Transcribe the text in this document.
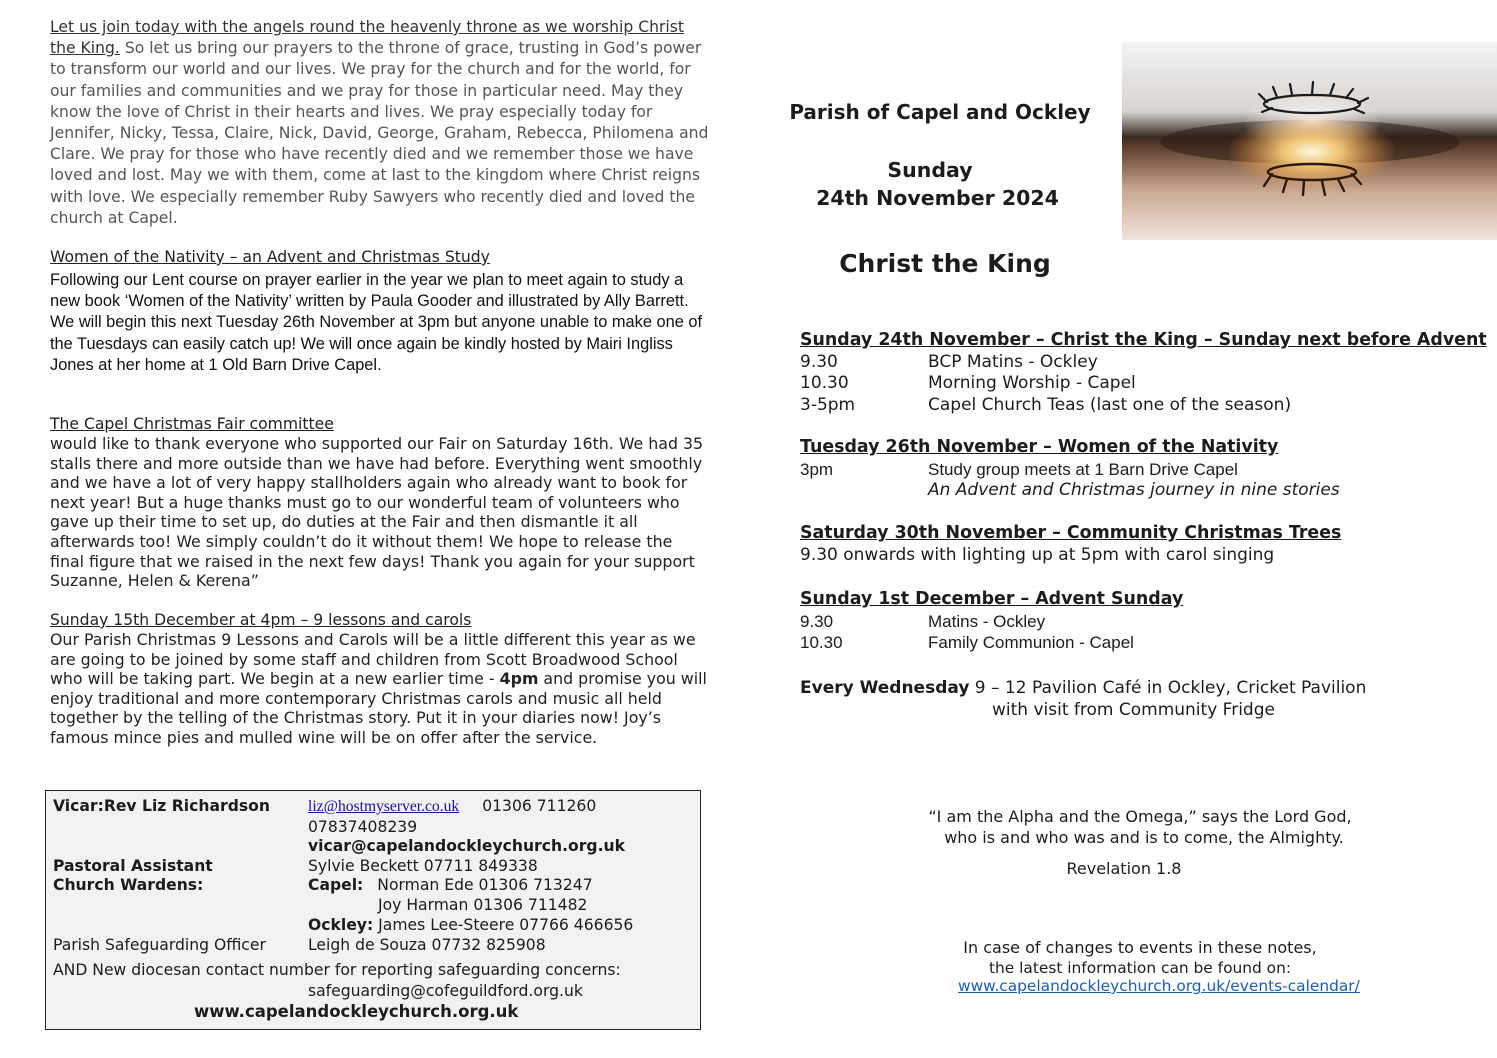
Let us join today with the angels round the heavenly throne as we worship Christ the King. So let us bring our prayers to the throne of grace, trusting in God’s power to transform our world and our lives. We pray for the church and for the world, for our families and communities and we pray for those in particular need. May they know the love of Christ in their hearts and lives. We pray especially today for Jennifer, Nicky, Tessa, Claire, Nick, David, George, Graham, Rebecca, Philomena and Clare. We pray for those who have recently died and we remember those we have loved and lost. May we with them, come at last to the kingdom where Christ reigns with love. We especially remember Ruby Sawyers who recently died and loved the church at Capel.

Women of the Nativity – an Advent and Christmas Study

Following our Lent course on prayer earlier in the year we plan to meet again to study a new book ‘Women of the Nativity’ written by Paula Gooder and illustrated by Ally Barrett. We will begin this next Tuesday 26th November at 3pm but anyone unable to make one of the Tuesdays can easily catch up! We will once again be kindly hosted by Mairi Ingliss Jones at her home at 1 Old Barn Drive Capel.

The Capel Christmas Fair committee

would like to thank everyone who supported our Fair on Saturday 16th. We had 35 stalls there and more outside than we have had before. Everything went smoothly and we have a lot of very happy stallholders again who already want to book for next year! But a huge thanks must go to our wonderful team of volunteers who gave up their time to set up, do duties at the Fair and then dismantle it all afterwards too! We simply couldn’t do it without them! We hope to release the final figure that we raised in the next few days! Thank you again for your support Suzanne, Helen & Kerena”

Sunday 15th December at 4pm – 9 lessons and carols

Our Parish Christmas 9 Lessons and Carols will be a little different this year as we are going to be joined by some staff and children from Scott Broadwood School who will be taking part. We begin at a new earlier time - 4pm and promise you will enjoy traditional and more contemporary Christmas carols and music all held together by the telling of the Christmas story. Put it in your diaries now! Joy’s famous mince pies and mulled wine will be on offer after the service.

Vicar:Rev Liz Richardson liz@hostmyserver.co.uk 01306 711260
07837408239
vicar@capelandockleychurch.org.uk
Pastoral Assistant	Sylvie Beckett 07711 849338
Church Wardens:	Capel: Norman Ede 01306 713247
Joy Harman 01306 711482
Ockley: James Lee-Steere 07766 466656
Parish Safeguarding Officer	Leigh de Souza 07732 825908
AND New diocesan contact number for reporting safeguarding concerns:
safeguarding@cofeguildford.org.uk
www.capelandockleychurch.org.uk
Parish of Capel and Ockley
Sunday
24th November 2024
Christ the King
Sunday 24th November – Christ the King – Sunday next before Advent
9.30	BCP Matins - Ockley
10.30	Morning Worship - Capel
3-5pm	Capel Church Teas (last one of the season)
Tuesday 26th November – Women of the Nativity
3pm	Study group meets at 1 Barn Drive Capel
An Advent and Christmas journey in nine stories
Saturday 30th November – Community Christmas Trees
9.30 onwards with lighting up at 5pm with carol singing
Sunday 1st December – Advent Sunday
9.30	Matins - Ockley
10.30	Family Communion - Capel
Every Wednesday 9 – 12 Pavilion Café in Ockley, Cricket Pavilion
with visit from Community Fridge
“I am the Alpha and the Omega,” says the Lord God,
who is and who was and is to come, the Almighty.
Revelation 1.8
In case of changes to events in these notes,
the latest information can be found on:
www.capelandockleychurch.org.uk/events-calendar/
